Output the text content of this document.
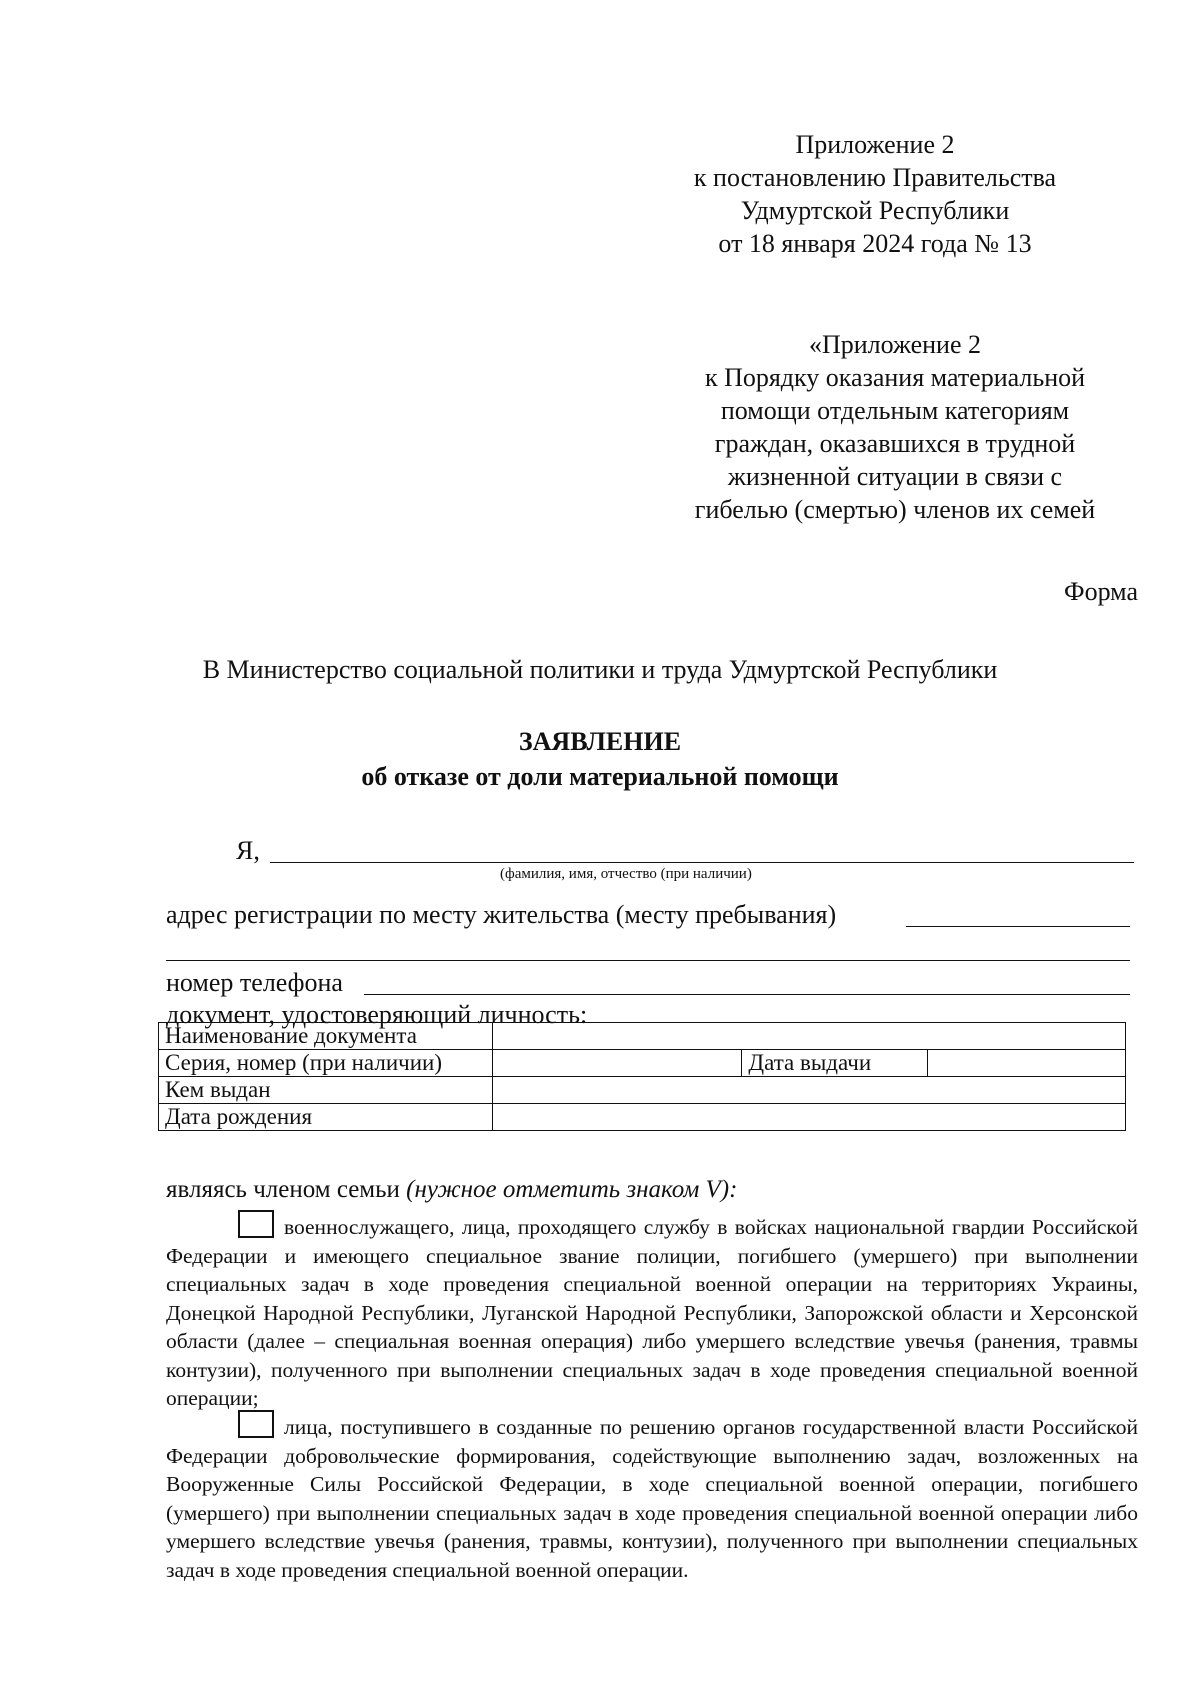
Приложение 2
к постановлению Правительства
Удмуртской Республики
от 18 января 2024 года № 13
«Приложение 2
к Порядку оказания материальной
помощи отдельным категориям
граждан, оказавшихся в трудной
жизненной ситуации в связи с
гибелью (смертью) членов их семей
Форма
В Министерство социальной политики и труда Удмуртской Республики
ЗАЯВЛЕНИЕ
об отказе от доли материальной помощи
Я,
(фамилия, имя, отчество (при наличии)
адрес регистрации по месту жительства (месту пребывания)
номер телефона
документ, удостоверяющий личность:
Наименование документа			
Серия, номер (при наличии)		Дата выдачи	
Кем выдан			
Дата рождения			
являясь членом семьи (нужное отметить знаком V):
военнослужащего, лица, проходящего службу в войсках национальной гвардии Российской Федерации и имеющего специальное звание полиции, погибшего (умершего) при выполнении специальных задач в ходе проведения специальной военной операции на территориях Украины, Донецкой Народной Республики, Луганской Народной Республики, Запорожской области и Херсонской области (далее – специальная военная операция) либо умершего вследствие увечья (ранения, травмы контузии), полученного при выполнении специальных задач в ходе проведения специальной военной операции;
лица, поступившего в созданные по решению органов государственной власти Российской Федерации добровольческие формирования, содействующие выполнению задач, возложенных на Вооруженные Силы Российской Федерации, в ходе специальной военной операции, погибшего (умершего) при выполнении специальных задач в ходе проведения специальной военной операции либо умершего вследствие увечья (ранения, травмы, контузии), полученного при выполнении специальных задач в ходе проведения специальной военной операции.
